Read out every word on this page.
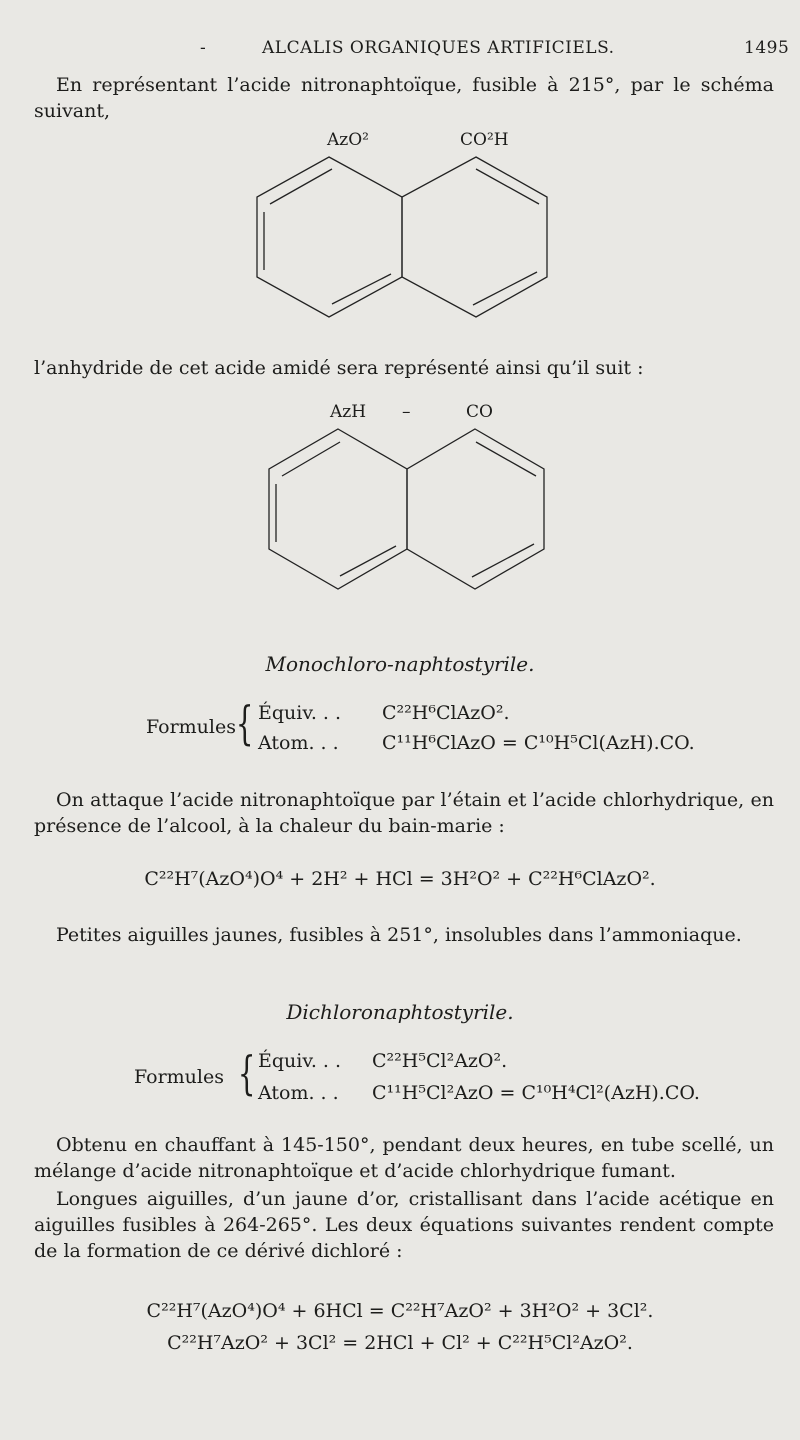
-	ALCALIS ORGANIQUES ARTIFICIELS.	1495
En représentant l’acide nitronaphtoïque, fusible à 215°, par le schéma suivant,
AzO²	CO²H
l’anhydride de cet acide amidé sera représenté ainsi qu’il suit :
AzH –	CO
Monochloro-naphtostyrile.
Formules { Équiv. . . C²²H⁶ClAzO².
Atom. . . C¹¹H⁶ClAzO = C¹⁰H⁵Cl(AzH).CO.
On attaque l’acide nitronaphtoïque par l’étain et l’acide chlorhydrique, en présence de l’alcool, à la chaleur du bain-marie :
C²²H⁷(AzO⁴)O⁴ + 2H² + HCl = 3H²O² + C²²H⁶ClAzO².
Petites aiguilles jaunes, fusibles à 251°, insolubles dans l’ammoniaque.
Dichloronaphtostyrile.
Formules { Équiv. . . C²²H⁵Cl²AzO².
Atom. . . C¹¹H⁵Cl²AzO = C¹⁰H⁴Cl²(AzH).CO.
Obtenu en chauffant à 145-150°, pendant deux heures, en tube scellé, un mélange d’acide nitronaphtoïque et d’acide chlorhydrique fumant.
Longues aiguilles, d’un jaune d’or, cristallisant dans l’acide acétique en aiguilles fusibles à 264-265°. Les deux équations suivantes rendent compte de la formation de ce dérivé dichloré :
C²²H⁷(AzO⁴)O⁴ + 6HCl = C²²H⁷AzO² + 3H²O² + 3Cl².
C²²H⁷AzO² + 3Cl² = 2HCl + Cl² + C²²H⁵Cl²AzO².
